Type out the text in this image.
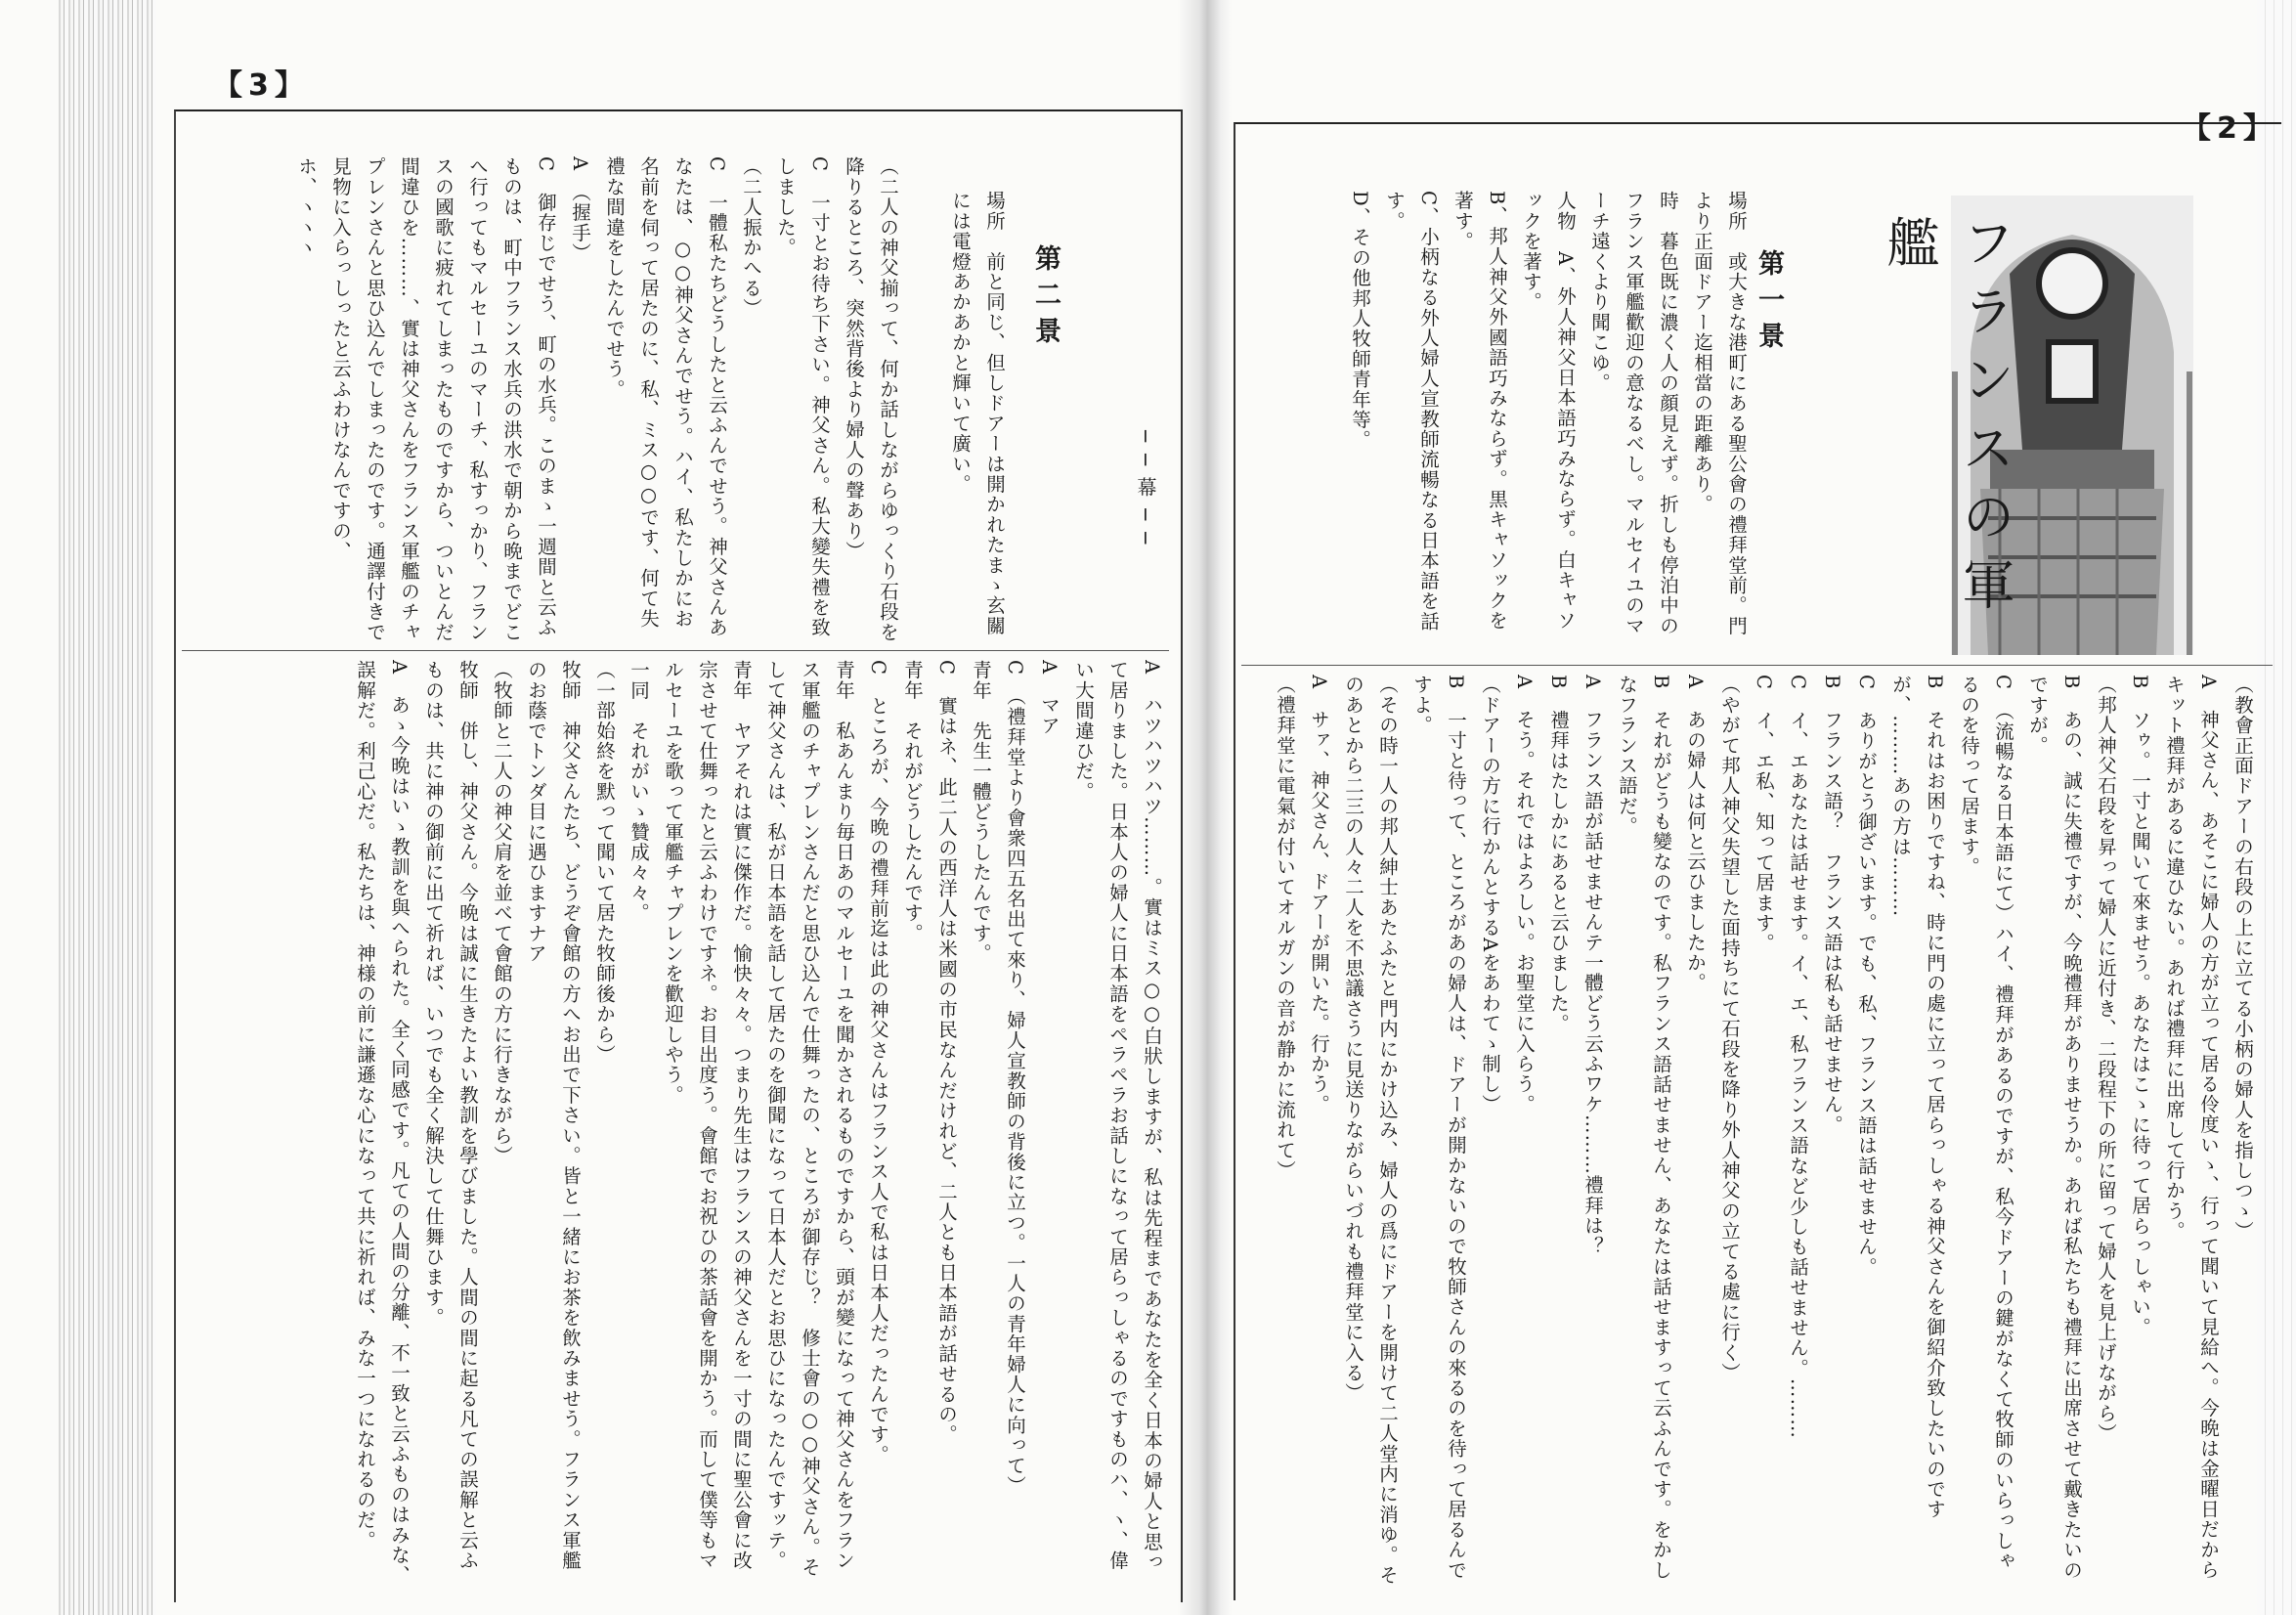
【3】
【2】
フランスの軍艦
第一景

場所　或大きな港町にある聖公會の禮拜堂前。門より正面ドアー迄相當の距離あり。

時　暮色既に濃く人の顔見えず。折しも停泊中のフランス軍艦歡迎の意なるべし。マルセイユのマーチ遠くより聞こゆ。

人物　A、外人神父日本語巧みならず。白キャソックを著す。

B、邦人神父外國語巧みならず。黒キャソックを著す。

C、小柄なる外人婦人宣教師流暢なる日本語を話す。

D、その他邦人牧師青年等。

（教會正面ドアーの右段の上に立てる小柄の婦人を指しつゝ）

A　神父さん、あそこに婦人の方が立って居る伶度いゝ、行って聞いて見給へ。今晩は金曜日だからキット禮拜があるに違ひない。あれば禮拜に出席して行かう。

B　ソゥ。一寸と聞いて來ませう。あなたはこゝに待って居らっしゃい。

（邦人神父石段を昇って婦人に近付き、二段程下の所に留って婦人を見上げながら）

B　あの、誠に失禮ですが、今晩禮拜がありませうか。あれば私たちも禮拜に出席させて戴きたいのですが。

C　（流暢なる日本語にて）ハイ、禮拜があるのですが、私今ドアーの鍵がなくて牧師のいらっしゃるのを待って居ます。

B　それはお困りですね、時に門の處に立って居らっしゃる神父さんを御紹介致したいのですが、………あの方は………

C　ありがとう御ざいます。でも、私、フランス語は話せません。

B　フランス語？　フランス語は私も話せません。

C　イ、エあなたは話せます。イ、エ、私フランス語など少しも話せません。………

C　イ、エ私、知って居ます。

（やがて邦人神父失望した面持ちにて石段を降り外人神父の立てる處に行く）

A　あの婦人は何と云ひましたか。

B　それがどうも變なのです。私フランス語話せません、あなたは話せますって云ふんです。をかしなフランス語だ。

A　フランス語が話せませんテ一體どう云ふワケ………禮拜は？

B　禮拜はたしかにあると云ひました。

A　そう。それではよろしい。お聖堂に入らう。

（ドアーの方に行かんとするAをあわてゝ制し）

B　一寸と待って、ところがあの婦人は、ドアーが開かないので牧師さんの來るのを待って居るんですよ。

（その時一人の邦人紳士あたふたと門内にかけ込み、婦人の爲にドアーを開けて二人堂内に消ゆ。そのあとから二三の人々二人を不思議さうに見送りながらいづれも禮拜堂に入る）

A　サァ、神父さん、ドアーが開いた。行かう。

（禮拜堂に電氣が付いてオルガンの音が静かに流れて）

──幕──
第二景

場所　前と同じ、但しドアーは開かれたまゝ玄關には電燈あかあかと輝いて廣い。

（二人の神父揃って、何か話しながらゆっくり石段を降りるところ、突然背後より婦人の聲あり）

C　一寸とお待ち下さい。神父さん。私大變失禮を致しました。

（二人振かへる）

C　一體私たちどうしたと云ふんでせう。神父さんあなたは、○○神父さんでせう。ハイ、私たしかにお名前を伺って居たのに、私、ミス○○です、何て失禮な間違をしたんでせう。

A　（握手）

C　御存じでせう、町の水兵。このまゝ一週間と云ふものは、町中フランス水兵の洪水で朝から晩までどこへ行ってもマルセーユのマーチ、私すっかり、フランスの國歌に疲れてしまったものですから、ついとんだ間違ひを………、實は神父さんをフランス軍艦のチャプレンさんと思ひ込んでしまったのです。通譯付きで見物に入らっしったと云ふわけなんですの、ホ、ヽヽヽ

A　ハツハツハツ………。實はミス○○白狀しますが、私は先程まであなたを全く日本の婦人と思って居りました。日本人の婦人に日本語をペラペラお話しになって居らっしゃるのですものハ、ヽ、偉い大間違ひだ。

A　マア

C　（禮拜堂より會衆四五名出て來り、婦人宣教師の背後に立つ。一人の青年婦人に向って）

青年　先生一體どうしたんです。

C　實はネ、此二人の西洋人は米國の市民なんだけれど、二人とも日本語が話せるの。

青年　それがどうしたんです。

C　ところが、今晩の禮拜前迄は此の神父さんはフランス人で私は日本人だったんです。

青年　私あんまり毎日あのマルセーユを聞かされるものですから、頭が變になって神父さんをフランス軍艦のチャプレンさんだと思ひ込んで仕舞ったの、ところが御存じ？　修士會の○○神父さん。そして神父さんは、私が日本語を話して居たのを御聞になって日本人だとお思ひになったんですッテ。

青年　ヤアそれは實に傑作だ。愉快々々。つまり先生はフランスの神父さんを一寸の間に聖公會に改宗させて仕舞ったと云ふわけですネ。お目出度う。會館でお祝ひの茶話會を開かう。而して僕等もマルセーユを歌って軍艦チャプレンを歡迎しやう。

一同　それがいゝ贊成々々。

（一部始終を默って聞いて居た牧師後から）

牧師　神父さんたち、どうぞ會館の方へお出で下さい。皆と一緒にお茶を飲みませう。フランス軍艦のお蔭でトンダ目に遇ひますナア

（牧師と二人の神父肩を並べて會館の方に行きながら）

牧師　併し、神父さん。今晩は誠に生きたよい教訓を學びました。人間の間に起る凡ての誤解と云ふものは、共に神の御前に出て祈れば、いつでも全く解決して仕舞ひます。

A　あゝ今晩はいゝ教訓を與へられた。全く同感です。凡ての人間の分離、不一致と云ふものはみな、誤解だ。利己心だ。私たちは、神様の前に謙遜な心になって共に祈れば、みな一つになれるのだ。
